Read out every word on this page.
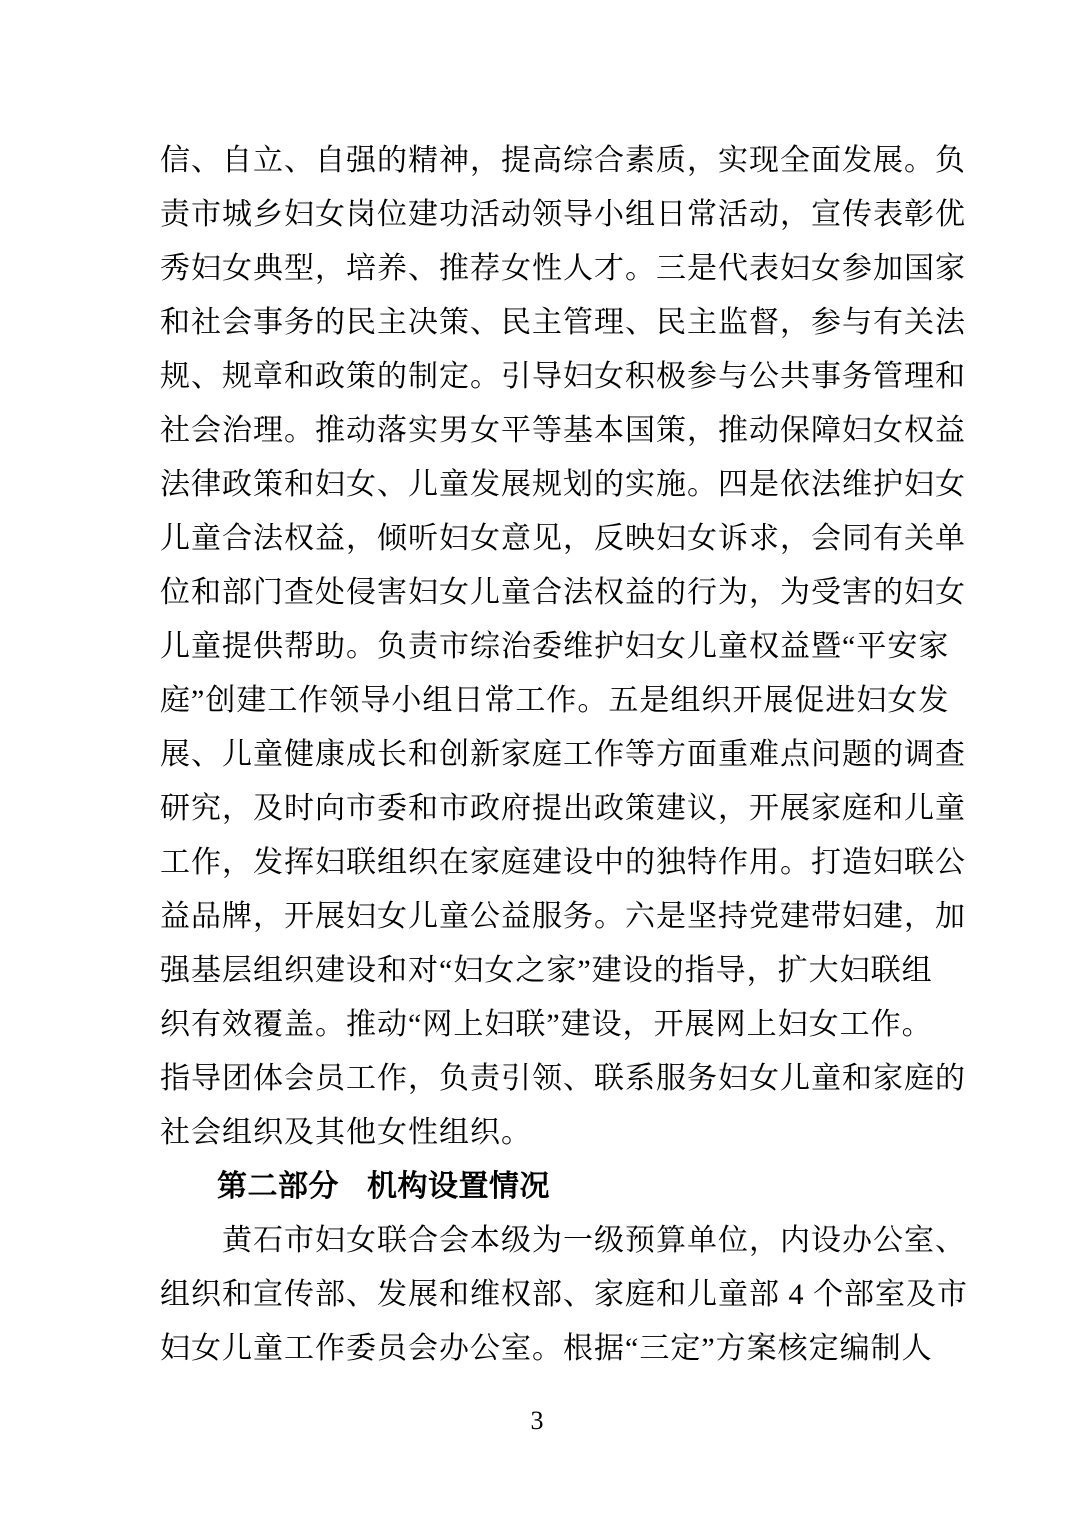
信、自立、自强的精神，提高综合素质，实现全面发展。负
责市城乡妇女岗位建功活动领导小组日常活动，宣传表彰优
秀妇女典型，培养、推荐女性人才。三是代表妇女参加国家
和社会事务的民主决策、民主管理、民主监督，参与有关法
规、规章和政策的制定。引导妇女积极参与公共事务管理和
社会治理。推动落实男女平等基本国策，推动保障妇女权益
法律政策和妇女、儿童发展规划的实施。四是依法维护妇女
儿童合法权益，倾听妇女意见，反映妇女诉求，会同有关单
位和部门查处侵害妇女儿童合法权益的行为，为受害的妇女
儿童提供帮助。负责市综治委维护妇女儿童权益暨“平安家
庭”创建工作领导小组日常工作。五是组织开展促进妇女发
展、儿童健康成长和创新家庭工作等方面重难点问题的调查
研究，及时向市委和市政府提出政策建议，开展家庭和儿童
工作，发挥妇联组织在家庭建设中的独特作用。打造妇联公
益品牌，开展妇女儿童公益服务。六是坚持党建带妇建，加
强基层组织建设和对“妇女之家”建设的指导，扩大妇联组
织有效覆盖。推动“网上妇联”建设，开展网上妇女工作。
指导团体会员工作，负责引领、联系服务妇女儿童和家庭的
社会组织及其他女性组织。
第二部分 机构设置情况
黄石市妇女联合会本级为一级预算单位，内设办公室、
组织和宣传部、发展和维权部、家庭和儿童部 4 个部室及市
妇女儿童工作委员会办公室。根据“三定”方案核定编制人
3
